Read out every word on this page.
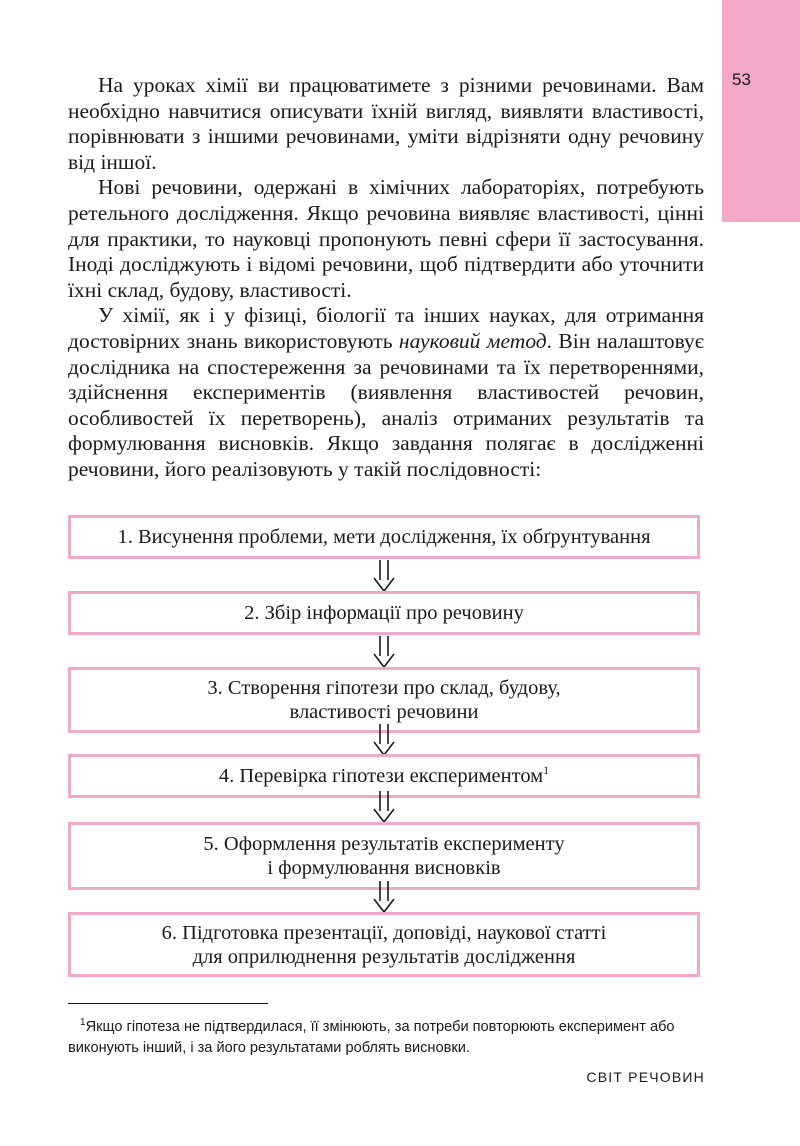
53

На уроках хімії ви працюватимете з різними речовинами. Вам необхідно навчитися описувати їхній вигляд, виявляти властивості, порівнювати з іншими речовинами, уміти відрізняти одну речовину від іншої.

Нові речовини, одержані в хімічних лабораторіях, потребують ретельного дослідження. Якщо речовина виявляє властивості, цінні для практики, то науковці пропонують певні сфери її застосування. Іноді досліджують і відомі речовини, щоб підтвердити або уточнити їхні склад, будову, властивості.

У хімії, як і у фізиці, біології та інших науках, для отримання достовірних знань використовують науковий метод. Він налаштовує дослідника на спостереження за речовинами та їх перетвореннями, здійснення експериментів (виявлення властивостей речовин, особливостей їх перетворень), аналіз отриманих результатів та формулювання висновків. Якщо завдання полягає в дослідженні речовини, його реалізовують у такій послідовності:

1. Висунення проблеми, мети дослідження, їх обґрунтування
2. Збір інформації про речовину
3. Створення гіпотези про склад, будову,
властивості речовини
4. Перевірка гіпотези експериментом$^1$
5. Оформлення результатів експерименту
і формулювання висновків
6. Підготовка презентації, доповіді, наукової статті
для оприлюднення результатів дослідження
$^1$Якщо гіпотеза не підтвердилася, її змінюють, за потреби повторюють експеримент або виконують інший, і за його результатами роблять висновки.
СВІТ РЕЧОВИН
